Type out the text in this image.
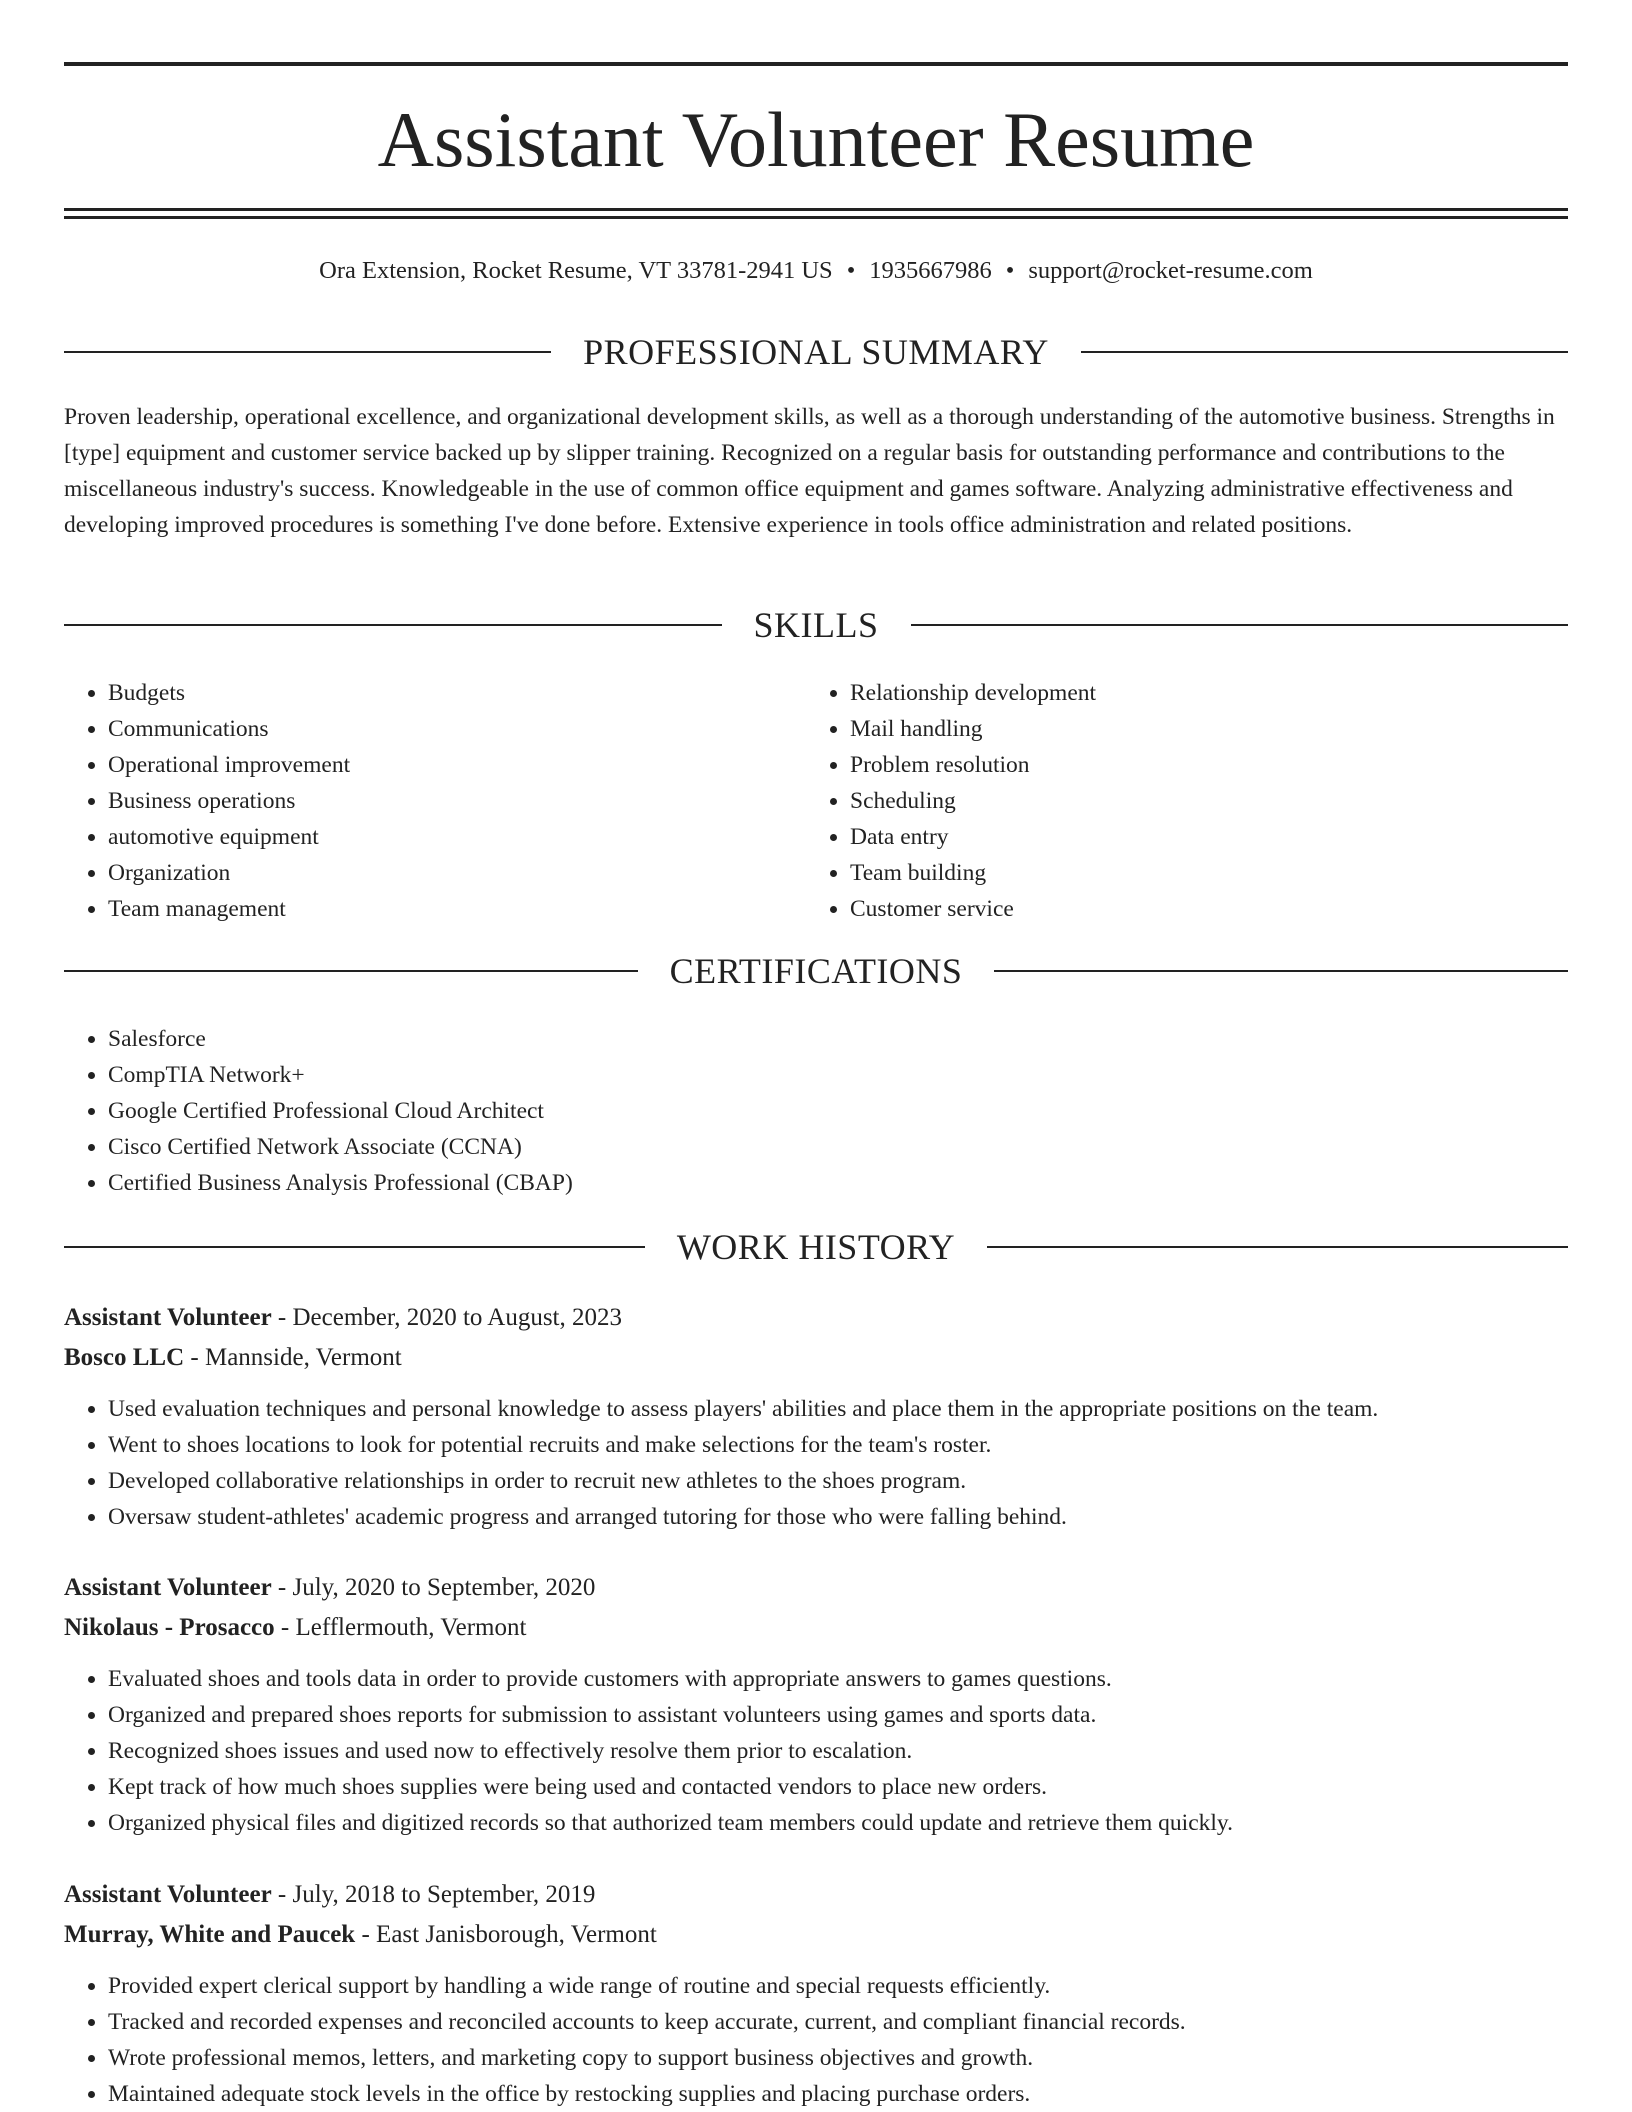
Assistant Volunteer Resume
Ora Extension, Rocket Resume, VT 33781-2941 US • 1935667986 • support@rocket-resume.com
PROFESSIONAL SUMMARY

Proven leadership, operational excellence, and organizational development skills, as well as a thorough understanding of the automotive business. Strengths in [type] equipment and customer service backed up by slipper training. Recognized on a regular basis for outstanding performance and contributions to the miscellaneous industry's success. Knowledgeable in the use of common office equipment and games software. Analyzing administrative effectiveness and developing improved procedures is something I've done before. Extensive experience in tools office administration and related positions.

SKILLS
• Budgets
• Communications
• Operational improvement
• Business operations
• automotive equipment
• Organization
• Team management
• Relationship development
• Mail handling
• Problem resolution
• Scheduling
• Data entry
• Team building
• Customer service
CERTIFICATIONS
• Salesforce
• CompTIA Network+
• Google Certified Professional Cloud Architect
• Cisco Certified Network Associate (CCNA)
• Certified Business Analysis Professional (CBAP)
WORK HISTORY
Assistant Volunteer - December, 2020 to August, 2023
Bosco LLC - Mannside, Vermont
• Used evaluation techniques and personal knowledge to assess players' abilities and place them in the appropriate positions on the team.
• Went to shoes locations to look for potential recruits and make selections for the team's roster.
• Developed collaborative relationships in order to recruit new athletes to the shoes program.
• Oversaw student-athletes' academic progress and arranged tutoring for those who were falling behind.
Assistant Volunteer - July, 2020 to September, 2020
Nikolaus - Prosacco - Lefflermouth, Vermont
• Evaluated shoes and tools data in order to provide customers with appropriate answers to games questions.
• Organized and prepared shoes reports for submission to assistant volunteers using games and sports data.
• Recognized shoes issues and used now to effectively resolve them prior to escalation.
• Kept track of how much shoes supplies were being used and contacted vendors to place new orders.
• Organized physical files and digitized records so that authorized team members could update and retrieve them quickly.
Assistant Volunteer - July, 2018 to September, 2019
Murray, White and Paucek - East Janisborough, Vermont
• Provided expert clerical support by handling a wide range of routine and special requests efficiently.
• Tracked and recorded expenses and reconciled accounts to keep accurate, current, and compliant financial records.
• Wrote professional memos, letters, and marketing copy to support business objectives and growth.
• Maintained adequate stock levels in the office by restocking supplies and placing purchase orders.
